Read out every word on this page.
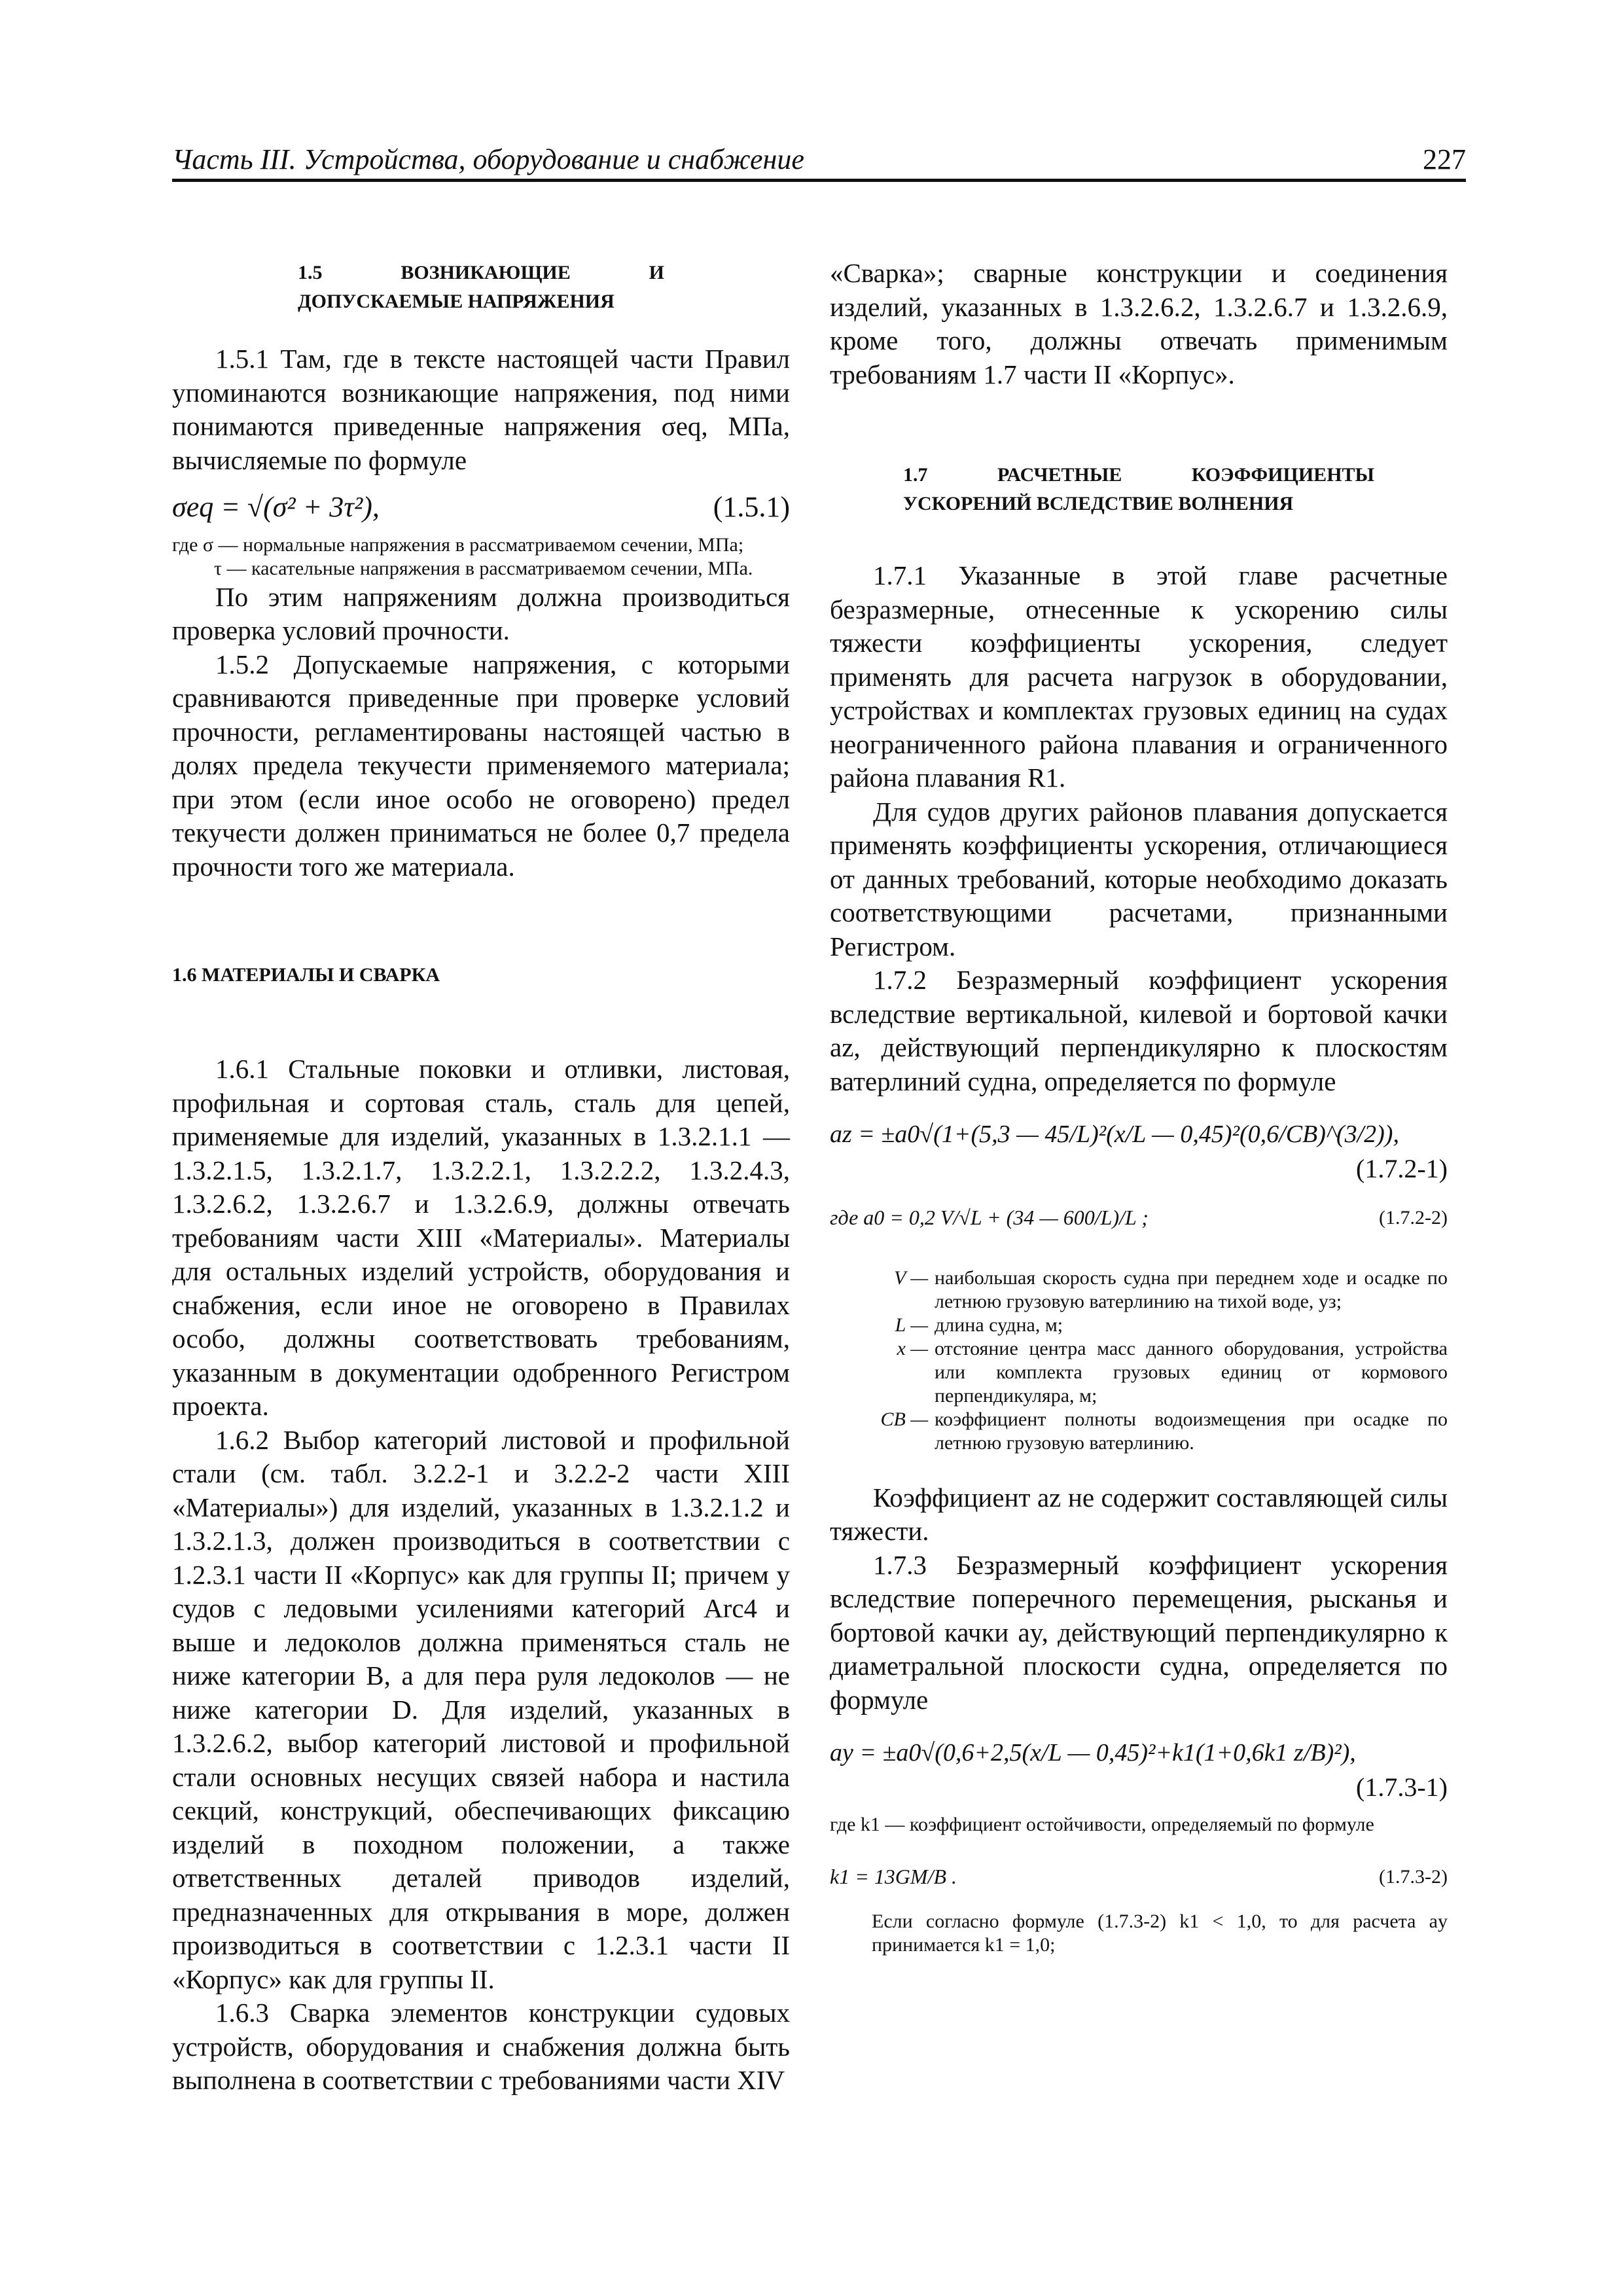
Часть III. Устройства, оборудование и снабжение	227

1.5 ВОЗНИКАЮЩИЕ И ДОПУСКАЕМЫЕ НАПРЯЖЕНИЯ

1.5.1 Там, где в тексте настоящей части Правил упоминаются возникающие напряжения, под ними понимаются приведенные напряжения σeq, МПа, вычисляемые по формуле

σeq = √(σ² + 3τ²),	(1.5.1)

где σ — нормальные напряжения в рассматриваемом сечении, МПа;

τ — касательные напряжения в рассматриваемом сечении, МПа.

По этим напряжениям должна производиться проверка условий прочности.

1.5.2 Допускаемые напряжения, с которыми сравниваются приведенные при проверке условий прочности, регламентированы настоящей частью в долях предела текучести применяемого материала; при этом (если иное особо не оговорено) предел текучести должен приниматься не более 0,7 предела прочности того же материала.

1.6 МАТЕРИАЛЫ И СВАРКА

1.6.1 Стальные поковки и отливки, листовая, профильная и сортовая сталь, сталь для цепей, применяемые для изделий, указанных в 1.3.2.1.1 — 1.3.2.1.5, 1.3.2.1.7, 1.3.2.2.1, 1.3.2.2.2, 1.3.2.4.3, 1.3.2.6.2, 1.3.2.6.7 и 1.3.2.6.9, должны отвечать требованиям части XIII «Материалы». Материалы для остальных изделий устройств, оборудования и снабжения, если иное не оговорено в Правилах особо, должны соответствовать требованиям, указанным в документации одобренного Регистром проекта.

1.6.2 Выбор категорий листовой и профильной стали (см. табл. 3.2.2-1 и 3.2.2-2 части XIII «Материалы») для изделий, указанных в 1.3.2.1.2 и 1.3.2.1.3, должен производиться в соответствии с 1.2.3.1 части II «Корпус» как для группы II; причем у судов с ледовыми усилениями категорий Arc4 и выше и ледоколов должна применяться сталь не ниже категории B, а для пера руля ледоколов — не ниже категории D. Для изделий, указанных в 1.3.2.6.2, выбор категорий листовой и профильной стали основных несущих связей набора и настила секций, конструкций, обеспечивающих фиксацию изделий в походном положении, а также ответственных деталей приводов изделий, предназначенных для открывания в море, должен производиться в соответствии с 1.2.3.1 части II «Корпус» как для группы II.

1.6.3 Сварка элементов конструкции судовых устройств, оборудования и снабжения должна быть выполнена в соответствии с требованиями части XIV

«Сварка»; сварные конструкции и соединения изделий, указанных в 1.3.2.6.2, 1.3.2.6.7 и 1.3.2.6.9, кроме того, должны отвечать применимым требованиям 1.7 части II «Корпус».

1.7 РАСЧЕТНЫЕ КОЭФФИЦИЕНТЫ УСКОРЕНИЙ ВСЛЕДСТВИЕ ВОЛНЕНИЯ

1.7.1 Указанные в этой главе расчетные безразмерные, отнесенные к ускорению силы тяжести коэффициенты ускорения, следует применять для расчета нагрузок в оборудовании, устройствах и комплектах грузовых единиц на судах неограниченного района плавания и ограниченного района плавания R1.

Для судов других районов плавания допускается применять коэффициенты ускорения, отличающиеся от данных требований, которые необходимо доказать соответствующими расчетами, признанными Регистром.

1.7.2 Безразмерный коэффициент ускорения вследствие вертикальной, килевой и бортовой качки az, действующий перпендикулярно к плоскостям ватерлиний судна, определяется по формуле

az = ±a0√(1+(5,3 — 45/L)²(x/L — 0,45)²(0,6/CB)^(3/2)),
(1.7.2-1)
где a0 = 0,2 V/√L + (34 — 600/L)/L ;	(1.7.2-2)
V — наибольшая скорость судна при переднем ходе и осадке по летнюю грузовую ватерлинию на тихой воде, уз;
L — длина судна, м;
x — отстояние центра масс данного оборудования, устройства или комплекта грузовых единиц от кормового перпендикуляра, м;
CB — коэффициент полноты водоизмещения при осадке по летнюю грузовую ватерлинию.

Коэффициент az не содержит составляющей силы тяжести.

1.7.3 Безразмерный коэффициент ускорения вследствие поперечного перемещения, рысканья и бортовой качки ay, действующий перпендикулярно к диаметральной плоскости судна, определяется по формуле

ay = ±a0√(0,6+2,5(x/L — 0,45)²+k1(1+0,6k1 z/B)²),
(1.7.3-1)

где k1 — коэффициент остойчивости, определяемый по формуле

k1 = 13GM/B .	(1.7.3-2)

Если согласно формуле (1.7.3-2) k1 < 1,0, то для расчета ay принимается k1 = 1,0;
